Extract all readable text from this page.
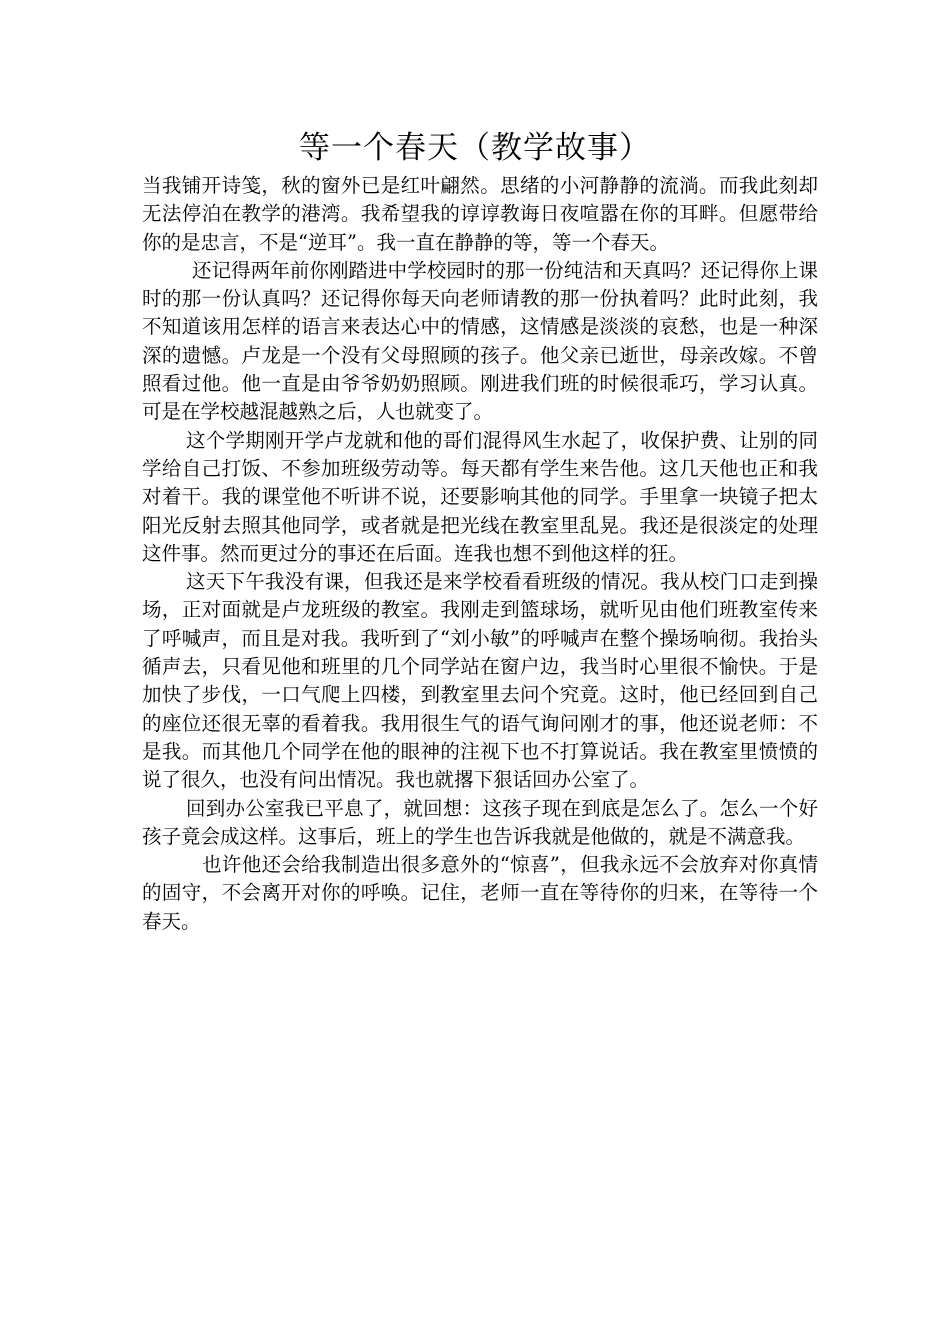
等一个春天（教学故事）

当我铺开诗笺，秋的窗外已是红叶翩然。思绪的小河静静的流淌。而我此刻却无法停泊在教学的港湾。我希望我的谆谆教诲日夜喧嚣在你的耳畔。但愿带给你的是忠言，不是“逆耳”。我一直在静静的等，等一个春天。

还记得两年前你刚踏进中学校园时的那一份纯洁和天真吗？还记得你上课时的那一份认真吗？还记得你每天向老师请教的那一份执着吗？此时此刻，我不知道该用怎样的语言来表达心中的情感，这情感是淡淡的哀愁，也是一种深深的遗憾。卢龙是一个没有父母照顾的孩子。他父亲已逝世，母亲改嫁。不曾照看过他。他一直是由爷爷奶奶照顾。刚进我们班的时候很乖巧，学习认真。可是在学校越混越熟之后，人也就变了。

这个学期刚开学卢龙就和他的哥们混得风生水起了，收保护费、让别的同学给自己打饭、不参加班级劳动等。每天都有学生来告他。这几天他也正和我对着干。我的课堂他不听讲不说，还要影响其他的同学。手里拿一块镜子把太阳光反射去照其他同学，或者就是把光线在教室里乱晃。我还是很淡定的处理这件事。然而更过分的事还在后面。连我也想不到他这样的狂。

这天下午我没有课，但我还是来学校看看班级的情况。我从校门口走到操场，正对面就是卢龙班级的教室。我刚走到篮球场，就听见由他们班教室传来了呼喊声，而且是对我。我听到了“刘小敏”的呼喊声在整个操场响彻。我抬头循声去，只看见他和班里的几个同学站在窗户边，我当时心里很不愉快。于是加快了步伐，一口气爬上四楼，到教室里去问个究竟。这时，他已经回到自己的座位还很无辜的看着我。我用很生气的语气询问刚才的事，他还说老师：不是我。而其他几个同学在他的眼神的注视下也不打算说话。我在教室里愤愤的说了很久，也没有问出情况。我也就撂下狠话回办公室了。

回到办公室我已平息了，就回想：这孩子现在到底是怎么了。怎么一个好孩子竟会成这样。这事后，班上的学生也告诉我就是他做的，就是不满意我。

也许他还会给我制造出很多意外的“惊喜”，但我永远不会放弃对你真情的固守，不会离开对你的呼唤。记住，老师一直在等待你的归来，在等待一个春天。
